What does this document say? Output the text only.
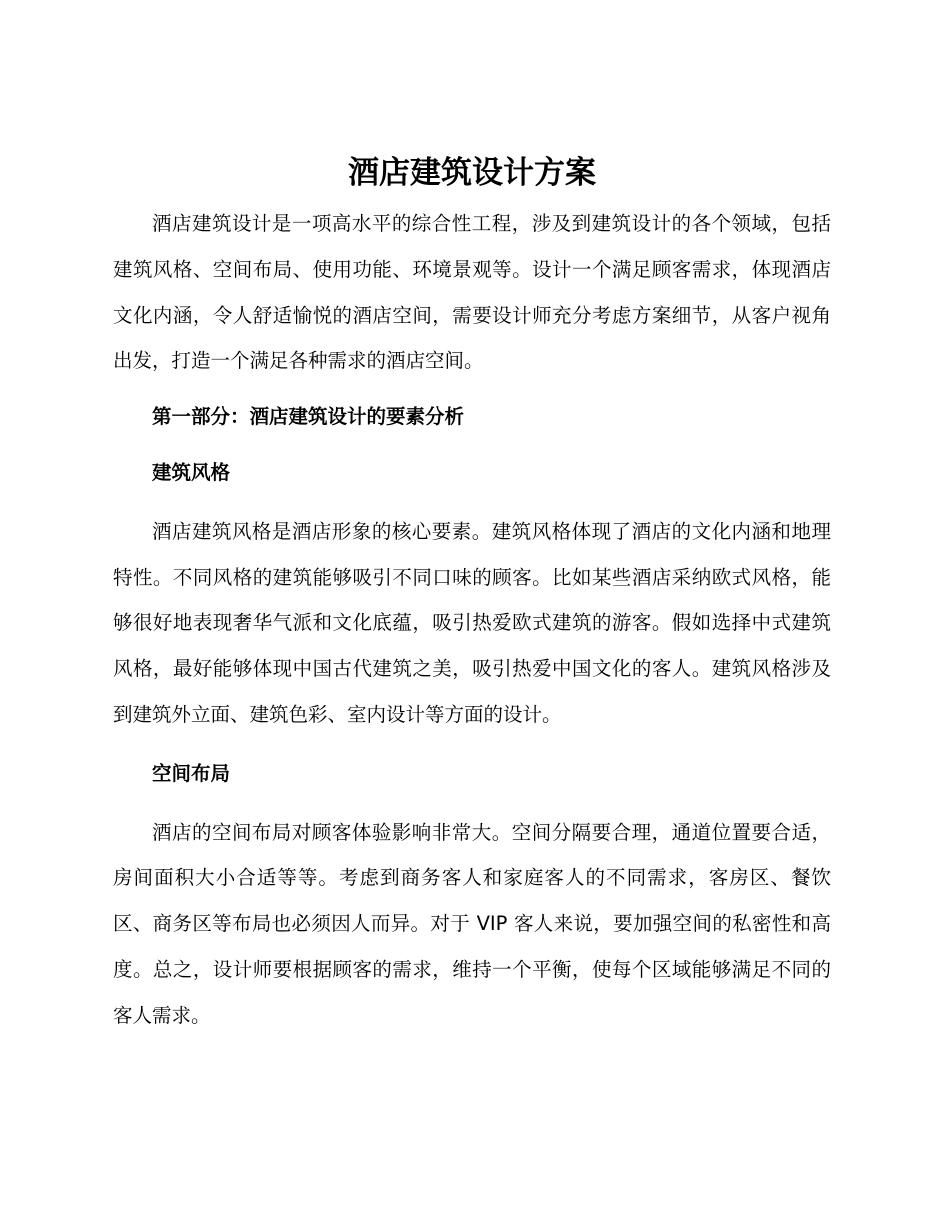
酒店建筑设计方案

酒店建筑设计是一项高水平的综合性工程，涉及到建筑设计的各个领域，包括建筑风格、空间布局、使用功能、环境景观等。设计一个满足顾客需求，体现酒店文化内涵，令人舒适愉悦的酒店空间，需要设计师充分考虑方案细节，从客户视角出发，打造一个满足各种需求的酒店空间。

第一部分：酒店建筑设计的要素分析

建筑风格

酒店建筑风格是酒店形象的核心要素。建筑风格体现了酒店的文化内涵和地理特性。不同风格的建筑能够吸引不同口味的顾客。比如某些酒店采纳欧式风格，能够很好地表现奢华气派和文化底蕴，吸引热爱欧式建筑的游客。假如选择中式建筑风格，最好能够体现中国古代建筑之美，吸引热爱中国文化的客人。建筑风格涉及到建筑外立面、建筑色彩、室内设计等方面的设计。

空间布局

酒店的空间布局对顾客体验影响非常大。空间分隔要合理，通道位置要合适，房间面积大小合适等等。考虑到商务客人和家庭客人的不同需求，客房区、餐饮区、商务区等布局也必须因人而异。对于 VIP 客人来说，要加强空间的私密性和高度。总之，设计师要根据顾客的需求，维持一个平衡，使每个区域能够满足不同的客人需求。
